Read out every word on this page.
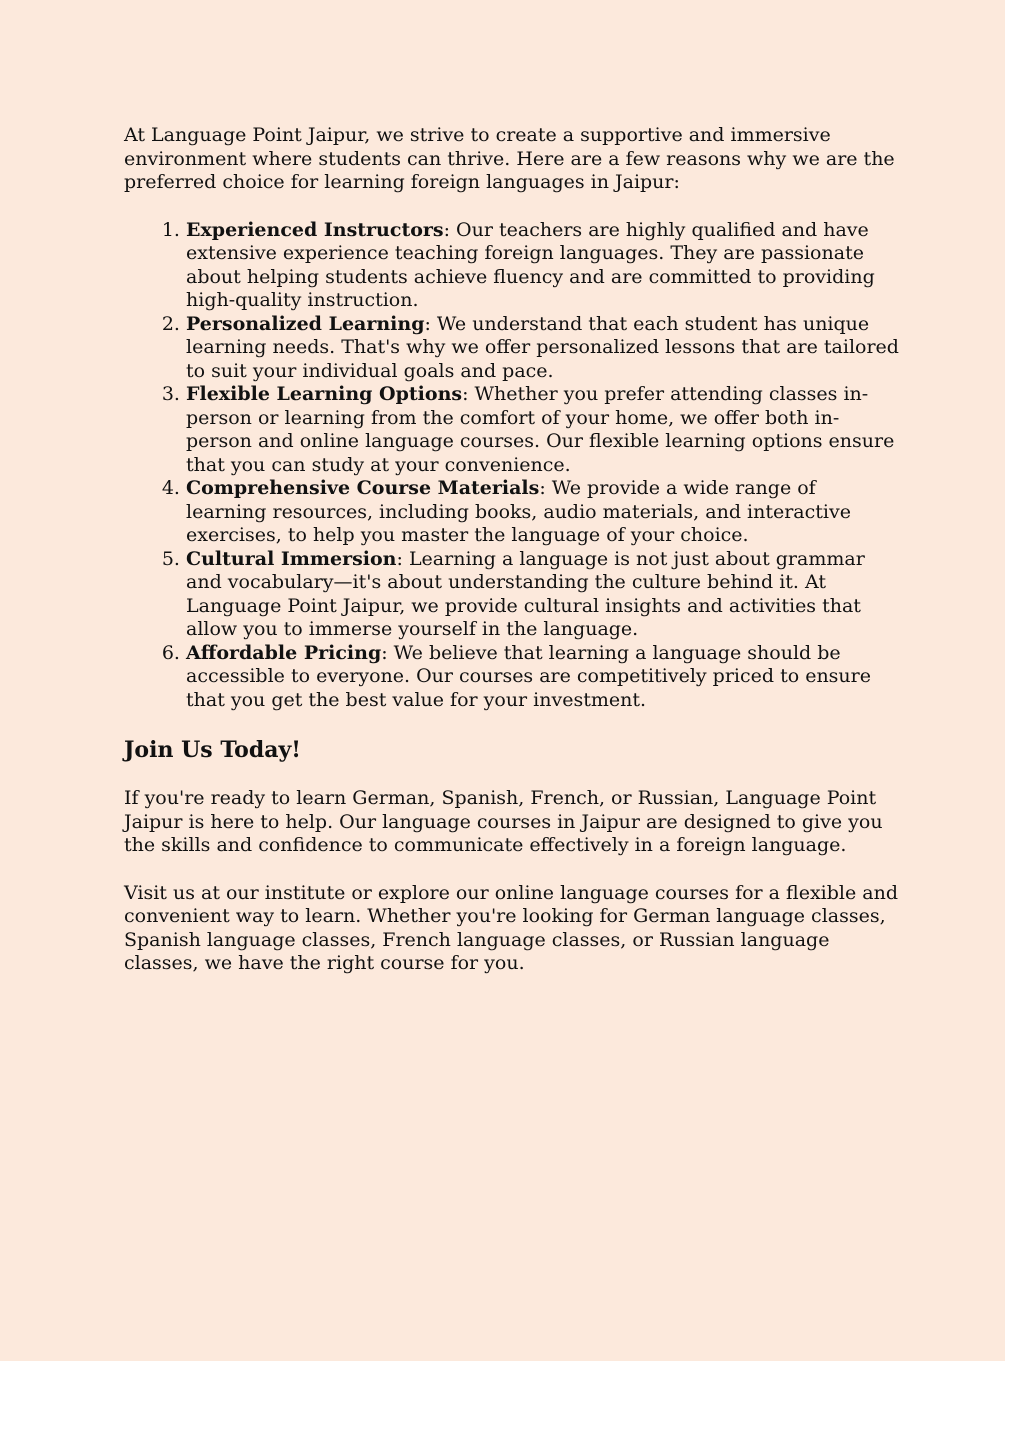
At Language Point Jaipur, we strive to create a supportive and immersive environment where students can thrive. Here are a few reasons why we are the preferred choice for learning foreign languages in Jaipur:

1. Experienced Instructors: Our teachers are highly qualified and have extensive experience teaching foreign languages. They are passionate about helping students achieve fluency and are committed to providing high-quality instruction.
2. Personalized Learning: We understand that each student has unique learning needs. That's why we offer personalized lessons that are tailored to suit your individual goals and pace.
3. Flexible Learning Options: Whether you prefer attending classes in-person or learning from the comfort of your home, we offer both in-person and online language courses. Our flexible learning options ensure that you can study at your convenience.
4. Comprehensive Course Materials: We provide a wide range of learning resources, including books, audio materials, and interactive exercises, to help you master the language of your choice.
5. Cultural Immersion: Learning a language is not just about grammar and vocabulary—it's about understanding the culture behind it. At Language Point Jaipur, we provide cultural insights and activities that allow you to immerse yourself in the language.
6. Affordable Pricing: We believe that learning a language should be accessible to everyone. Our courses are competitively priced to ensure that you get the best value for your investment.
Join Us Today!

If you're ready to learn German, Spanish, French, or Russian, Language Point Jaipur is here to help. Our language courses in Jaipur are designed to give you the skills and confidence to communicate effectively in a foreign language.

Visit us at our institute or explore our online language courses for a flexible and convenient way to learn. Whether you're looking for German language classes, Spanish language classes, French language classes, or Russian language classes, we have the right course for you.
